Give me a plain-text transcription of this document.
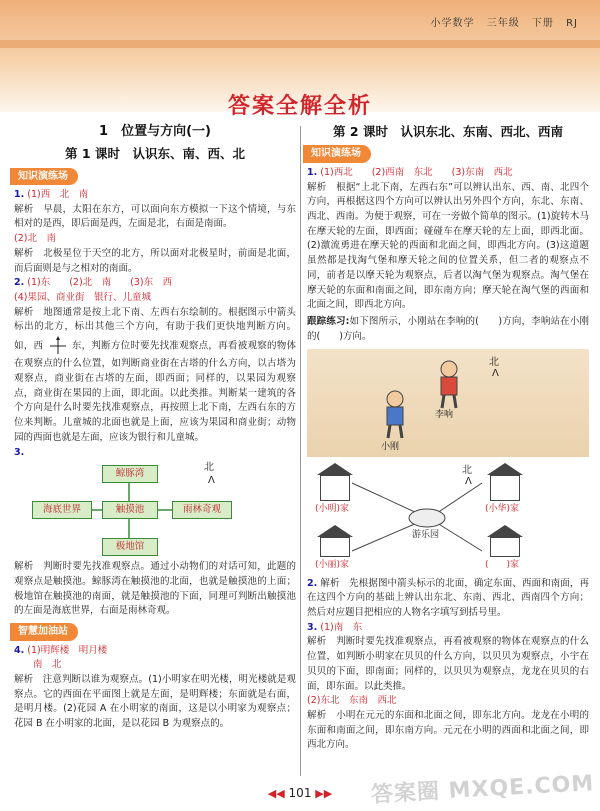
小学数学 三年级 下册 RJ
答案全解全析
1　位置与方向(一)
第 1 课时　认识东、南、西、北
知识演练场
1. (1)西　北　南
解析　早晨，太阳在东方，可以面向东方模拟一下这个情境，与东相对的是西，即后面是西，左面是北，右面是南面。
(2)北　南
解析　北极星位于天空的北方，所以面对北极星时，前面是北面，而后面则是与之相对的南面。
2. (1)东　　(2)北　南　　(3)东　西
(4)果园、商业街　银行、儿童城
解析　地图通常是按上北下南、左西右东绘制的。根据图示中箭头标出的北方，标出其他三个方向，有助于我们更快地判断方向。如，西	东，判断方位时要先找准观察点，再看被观察的物体在观察点的什么位置，如判断商业街在古塔的什么方向，以古塔为观察点，商业街在古塔的左面，即西面；同样的，以果园为观察点，商业街在果园的上面，即北面。以此类推。判断某一建筑的各个方向是什么时要先找准观察点，再按照上北下南，左西右东的方位来判断。儿童城的北面也就是上面，应该为果园和商业街；动物园的西面也就是左面，应该为银行和儿童城。
3.
鲸豚湾
海底世界	触摸池	雨林奇观
极地馆
北
Λ
解析　判断时要先找准观察点。通过小动物们的对话可知，此题的观察点是触摸池。鲸豚湾在触摸池的北面，也就是触摸池的上面；极地馆在触摸池的南面，就是触摸池的下面，同理可判断出触摸池的左面是海底世界，右面是雨林奇观。
智慧加油站
4. (1)明辉楼　明月楼
　　南　北
解析　注意判断以谁为观察点。(1)小明家在明光楼，明光楼就是观察点。它的西面在平面图上就是左面，是明辉楼；东面就是右面，是明月楼。(2)花园 A 在小明家的南面，这是以小明家为观察点；花园 B 在小明家的北面，是以花园 B 为观察点的。
第 2 课时　认识东北、东南、西北、西南
知识演练场
1. (1)西北　　(2)西南　东北　　(3)东南　西北
解析　根据“上北下南，左西右东”可以辨认出东、西、南、北四个方向，再根据这四个方向可以辨认出另外四个方向，东北、东南、西北、西南。为便于观察，可在一旁做个简单的图示。(1)旋转木马在摩天轮的左面，即西面；碰碰车在摩天轮的左上面，即西北面。(2)激流勇进在摩天轮的西面和北面之间，即西北方向。(3)这道题虽然都是找淘气堡和摩天轮之间的位置关系，但二者的观察点不同，前者是以摩天轮为观察点，后者以淘气堡为观察点。淘气堡在摩天轮的东面和南面之间，即东南方向；摩天轮在淘气堡的西面和北面之间，即西北方向。
跟踪练习:如下图所示，小刚站在李响的(　　)方向，李响站在小刚的(　　)方向。
北
Λ
李响
小刚
北
Λ
(小明)家	(小华)家
游乐园
(小丽)家	(　　)家
2. 解析　先根据图中箭头标示的北面，确定东面、西面和南面，再在这四个方向的基础上辨认出东北、东南、西北、西南四个方向；然后对应题目把相应的人物名字填写到括号里。
3. (1)南　东
解析　判断时要先找准观察点，再看被观察的物体在观察点的什么位置，如判断小明家在贝贝的什么方向，以贝贝为观察点，小宇在贝贝的下面，即南面；同样的，以贝贝为观察点，龙龙在贝贝的右面，即东面。以此类推。
(2)东北　东南　西北
解析　小明在元元的东面和北面之间，即东北方向。龙龙在小明的东面和南面之间，即东南方向。元元在小明的西面和北面之间，即西北方向。
◀◀ 101 ▶▶	答案圈 MXQE.COM
